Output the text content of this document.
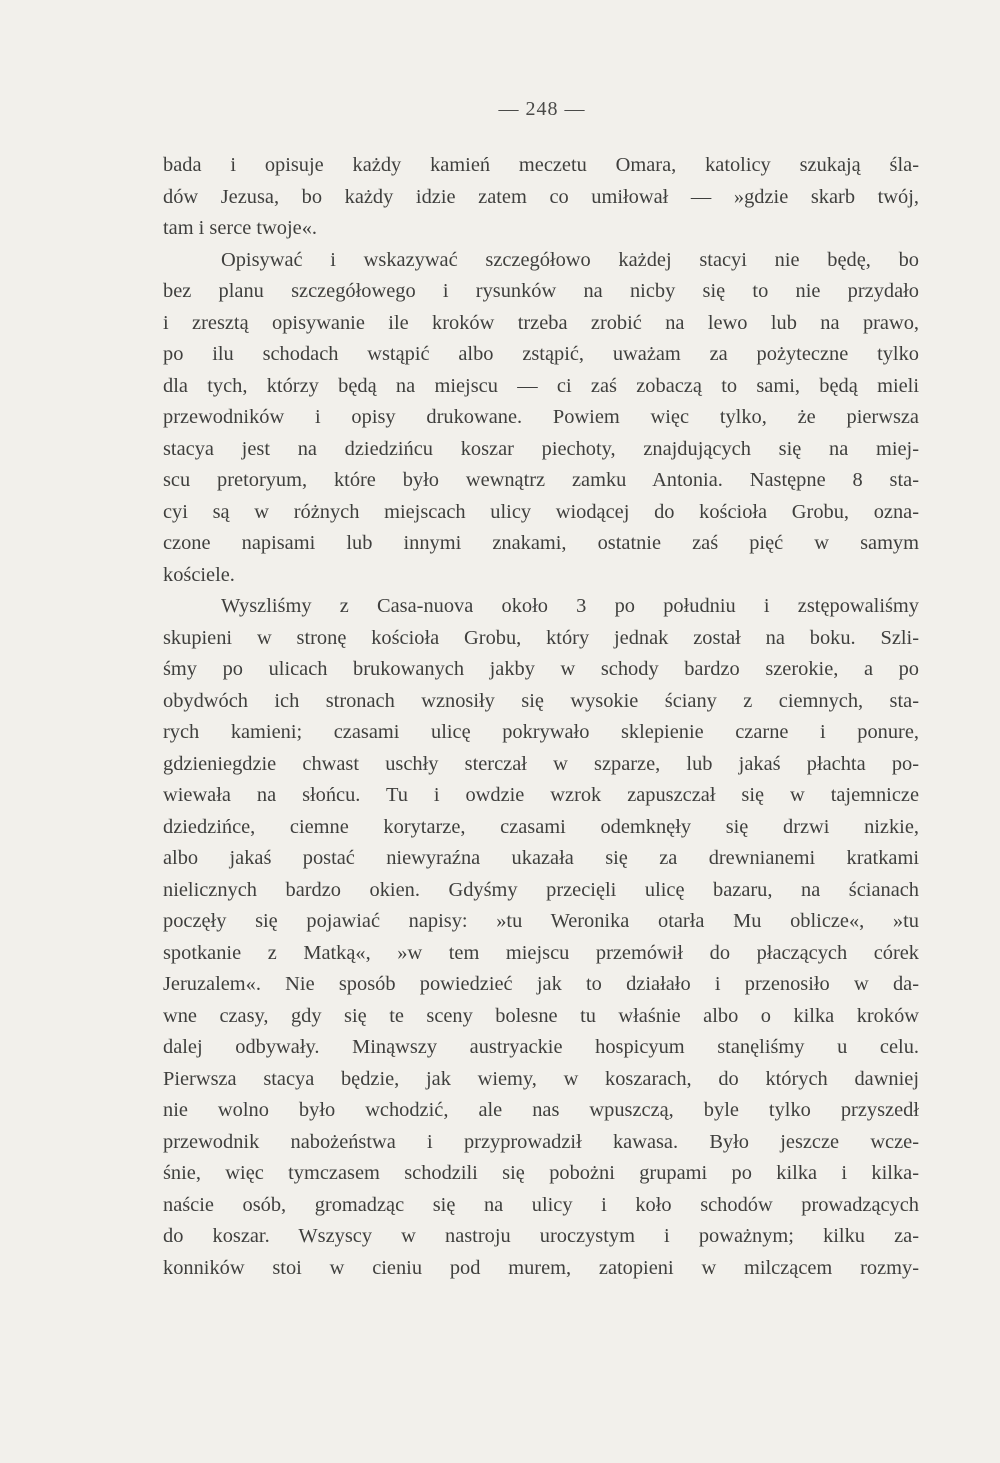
— 248 —
bada i opisuje każdy kamień meczetu Omara, katolicy szukają śla-
dów Jezusa, bo każdy idzie zatem co umiłował — »gdzie skarb twój,
tam i serce twoje«.
Opisywać i wskazywać szczegółowo każdej stacyi nie będę, bo
bez planu szczegółowego i rysunków na nicby się to nie przydało
i zresztą opisywanie ile kroków trzeba zrobić na lewo lub na prawo,
po ilu schodach wstąpić albo zstąpić, uważam za pożyteczne tylko
dla tych, którzy będą na miejscu — ci zaś zobaczą to sami, będą mieli
przewodników i opisy drukowane. Powiem więc tylko, że pierwsza
stacya jest na dziedzińcu koszar piechoty, znajdujących się na miej-
scu pretoryum, które było wewnątrz zamku Antonia. Następne 8 sta-
cyi są w różnych miejscach ulicy wiodącej do kościoła Grobu, ozna-
czone napisami lub innymi znakami, ostatnie zaś pięć w samym
kościele.
Wyszliśmy z Casa-nuova około 3 po południu i zstępowaliśmy
skupieni w stronę kościoła Grobu, który jednak został na boku. Szli-
śmy po ulicach brukowanych jakby w schody bardzo szerokie, a po
obydwóch ich stronach wznosiły się wysokie ściany z ciemnych, sta-
rych kamieni; czasami ulicę pokrywało sklepienie czarne i ponure,
gdzieniegdzie chwast uschły sterczał w szparze, lub jakaś płachta po-
wiewała na słońcu. Tu i owdzie wzrok zapuszczał się w tajemnicze
dziedzińce, ciemne korytarze, czasami odemknęły się drzwi nizkie,
albo jakaś postać niewyraźna ukazała się za drewnianemi kratkami
nielicznych bardzo okien. Gdyśmy przecięli ulicę bazaru, na ścianach
poczęły się pojawiać napisy: »tu Weronika otarła Mu oblicze«, »tu
spotkanie z Matką«, »w tem miejscu przemówił do płaczących córek
Jeruzalem«. Nie sposób powiedzieć jak to działało i przenosiło w da-
wne czasy, gdy się te sceny bolesne tu właśnie albo o kilka kroków
dalej odbywały. Minąwszy austryackie hospicyum stanęliśmy u celu.
Pierwsza stacya będzie, jak wiemy, w koszarach, do których dawniej
nie wolno było wchodzić, ale nas wpuszczą, byle tylko przyszedł
przewodnik nabożeństwa i przyprowadził kawasa. Było jeszcze wcze-
śnie, więc tymczasem schodzili się pobożni grupami po kilka i kilka-
naście osób, gromadząc się na ulicy i koło schodów prowadzących
do koszar. Wszyscy w nastroju uroczystym i poważnym; kilku za-
konników stoi w cieniu pod murem, zatopieni w milczącem rozmy-
